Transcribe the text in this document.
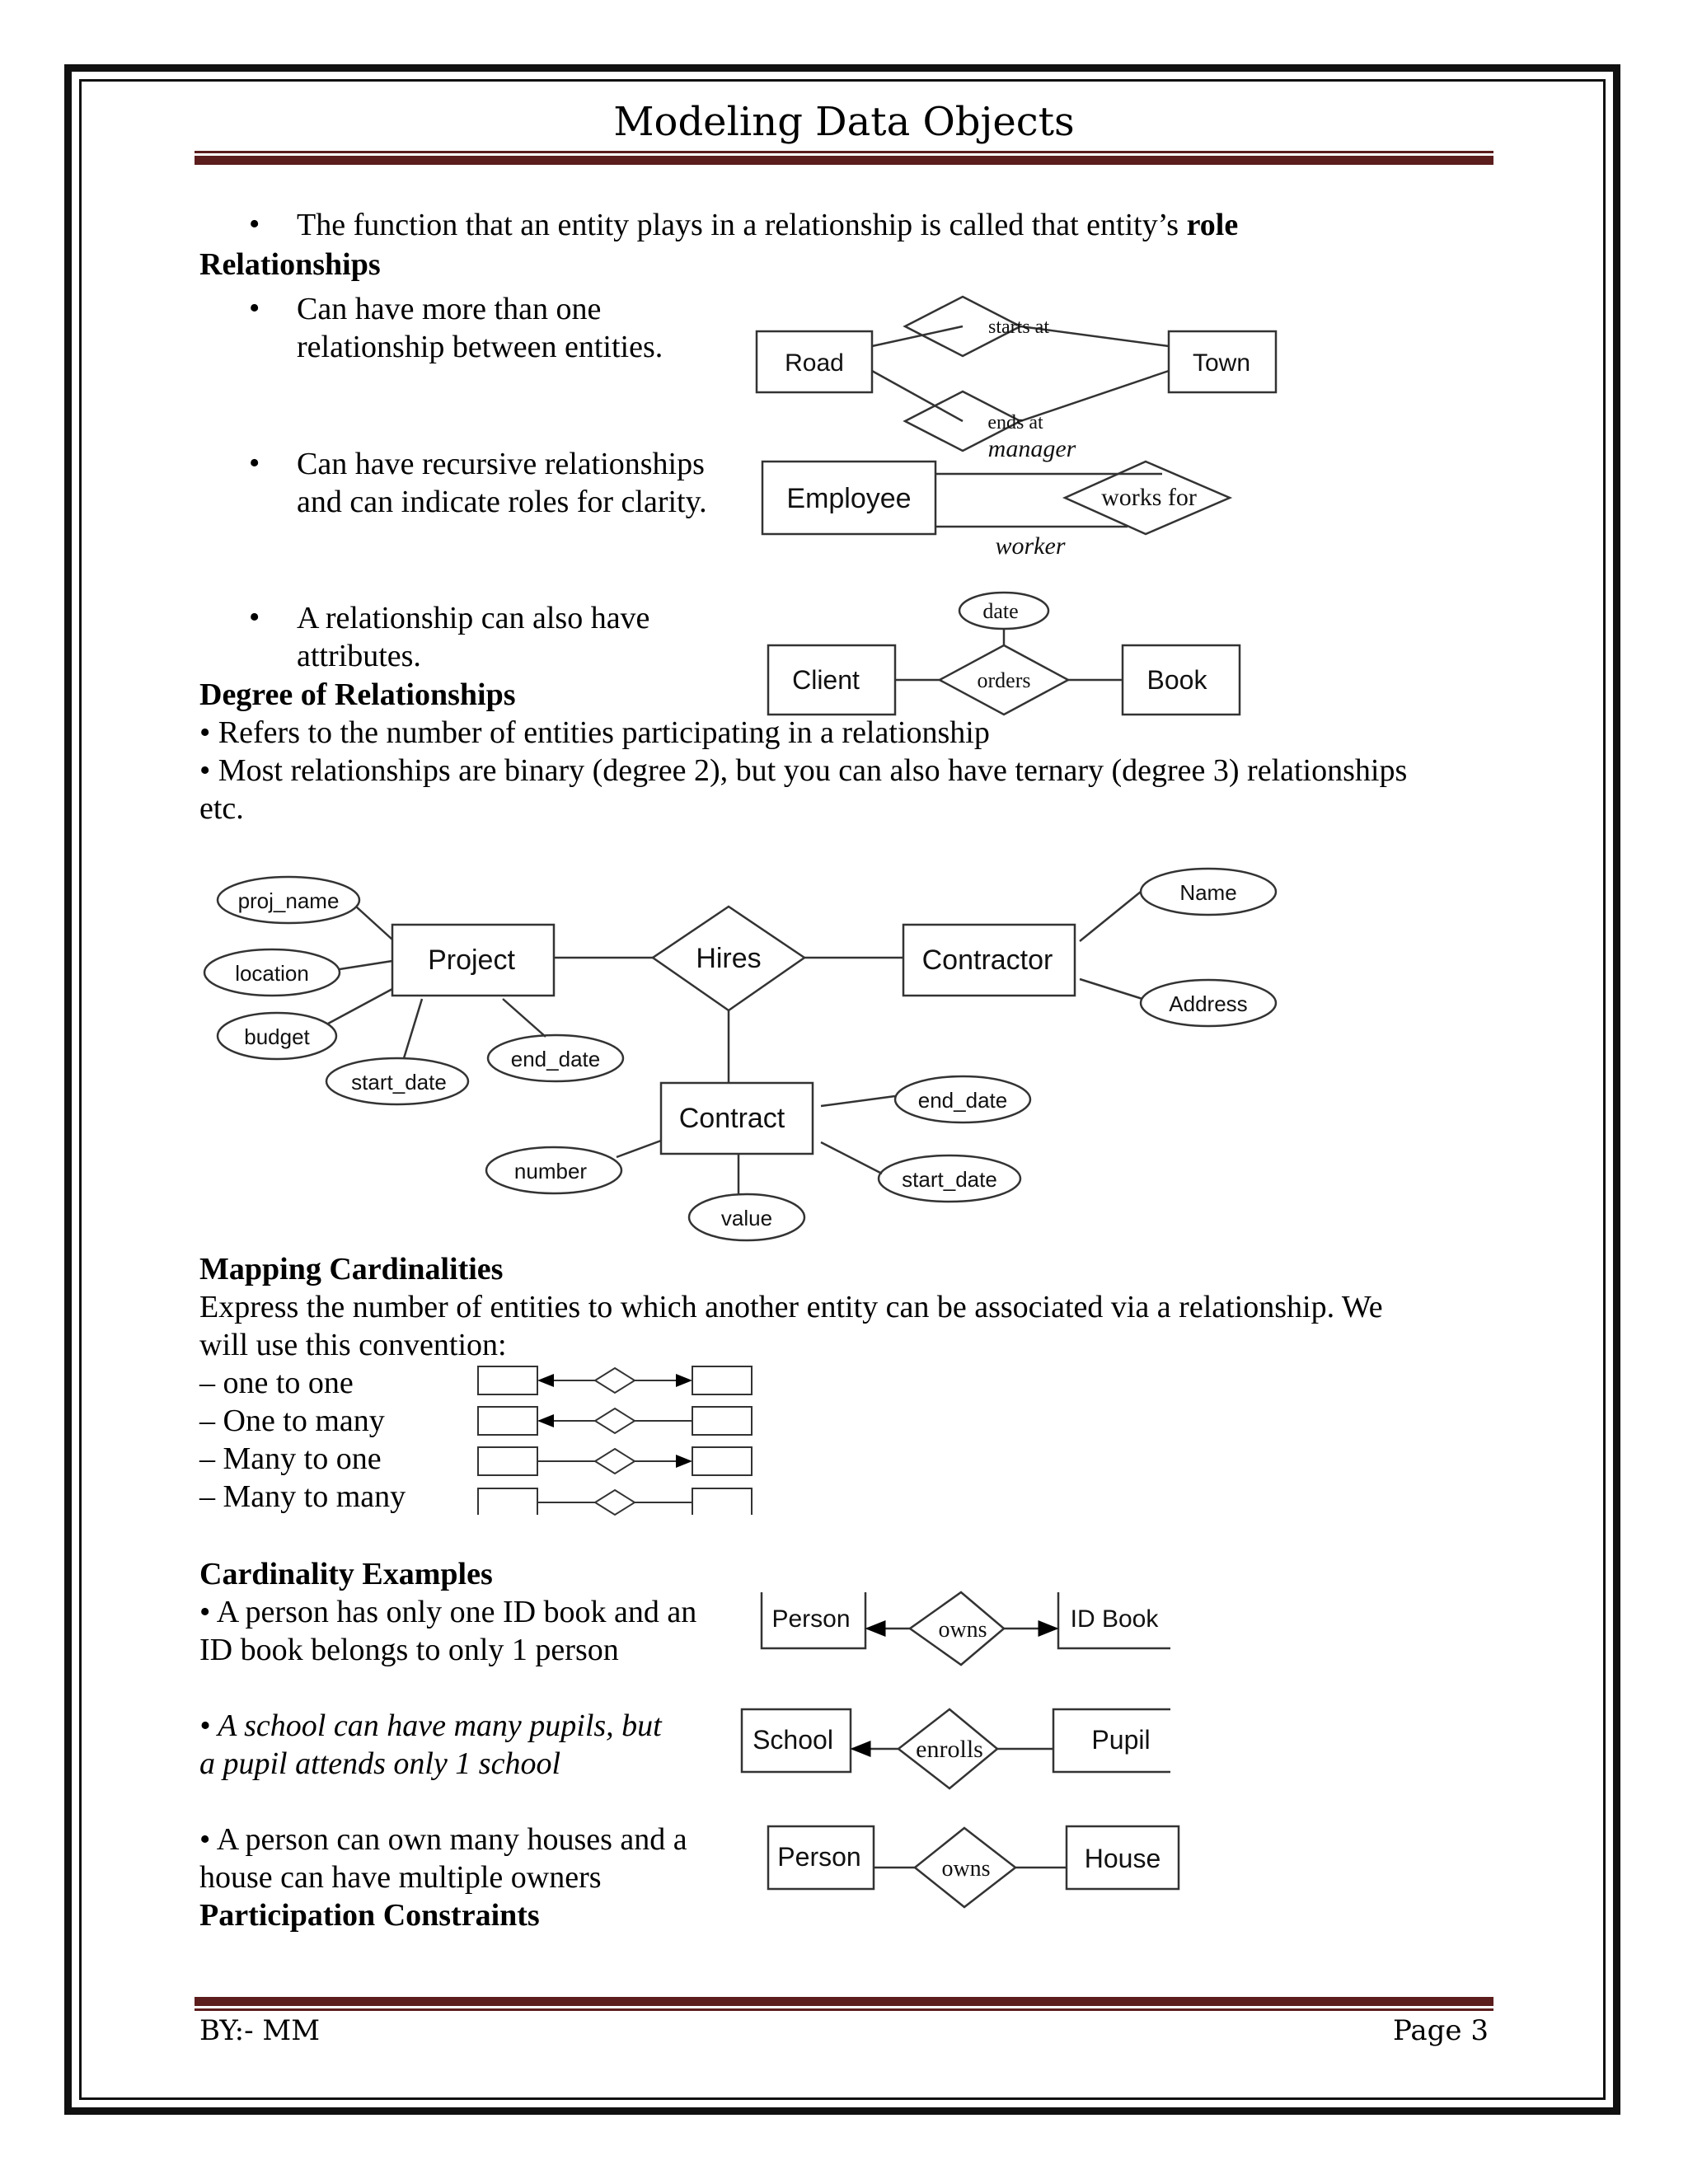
Modeling Data Objects
• The function that an entity plays in a relationship is called that entity’s role
Relationships
• Can have more than one
relationship between entities.
• Can have recursive relationships
and can indicate roles for clarity.
• A relationship can also have
attributes.
Degree of Relationships
• Refers to the number of entities participating in a relationship
• Most relationships are binary (degree 2), but you can also have ternary (degree 3) relationships
etc.
Mapping Cardinalities
Express the number of entities to which another entity can be associated via a relationship. We
will use this convention:
– one to one
– One to many
– Many to one
– Many to many
Cardinality Examples
• A person has only one ID book and an
ID book belongs to only 1 person
• A school can have many pupils, but
a pupil attends only 1 school
• A person can own many houses and a
house can have multiple owners
Participation Constraints
BY:- MM	Page 3
Road	Town
starts at
ends at
Employee	works for
manager
worker
Client	Book
orders
date
Project	Hires	Contractor
Contract
proj_name
location
budget
start_date
end_date
Name
Address
end_date
start_date
number
value
Person	owns	ID Book
School	enrolls	Pupil
Person	owns	House
